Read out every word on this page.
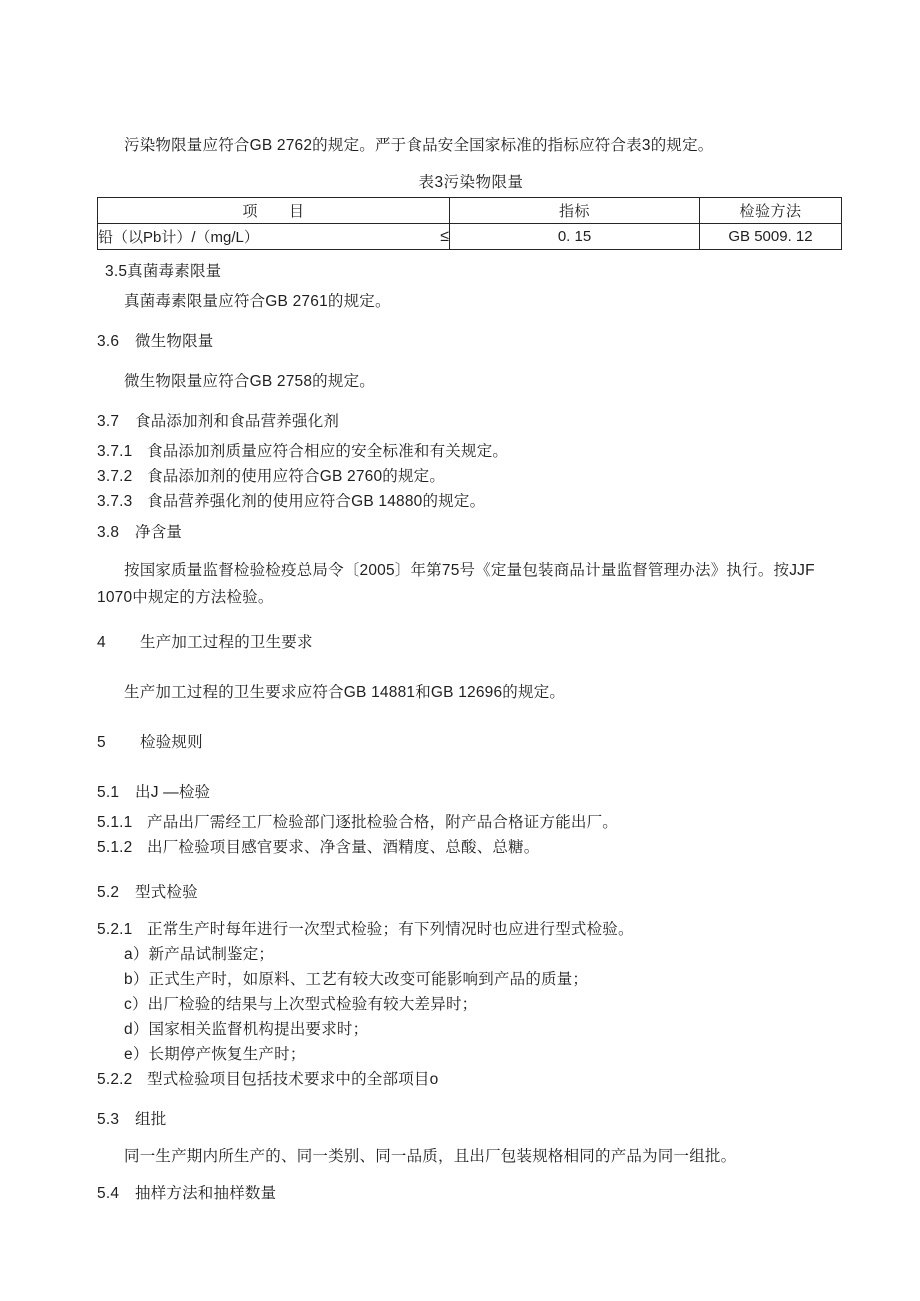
污染物限量应符合GB 2762的规定。严于食品安全国家标准的指标应符合表3的规定。

表3污染物限量
项　　目	指标	检验方法

铅（以Pb计）/（mg/L） ≤	0. 15	GB 5009. 12
3.5真菌毒素限量
真菌毒素限量应符合GB 2761的规定。
3.6 微生物限量
微生物限量应符合GB 2758的规定。
3.7 食品添加剂和食品营养强化剂
3.7.1 食品添加剂质量应符合相应的安全标准和有关规定。
3.7.2 食品添加剂的使用应符合GB 2760的规定。
3.7.3 食品营养强化剂的使用应符合GB 14880的规定。
3.8 净含量
按国家质量监督检验检疫总局令〔2005〕年第75号《定量包装商品计量监督管理办法》执行。按JJF
1070中规定的方法检验。
4 生产加工过程的卫生要求
生产加工过程的卫生要求应符合GB 14881和GB 12696的规定。
5 检验规则
5.1 出J —检验
5.1.1 产品出厂需经工厂检验部门逐批检验合格，附产品合格证方能出厂。
5.1.2 出厂检验项目感官要求、净含量、酒精度、总酸、总糖。
5.2 型式检验
5.2.1 正常生产时每年进行一次型式检验；有下列情况时也应进行型式检验。
a）新产品试制鉴定；
b）正式生产时，如原料、工艺有较大改变可能影响到产品的质量；
c）出厂检验的结果与上次型式检验有较大差异时；
d）国家相关监督机构提出要求时；
e）长期停产恢复生产时；
5.2.2 型式检验项目包括技术要求中的全部项目o
5.3 组批
同一生产期内所生产的、同一类别、同一品质，且出厂包装规格相同的产品为同一组批。
5.4 抽样方法和抽样数量
